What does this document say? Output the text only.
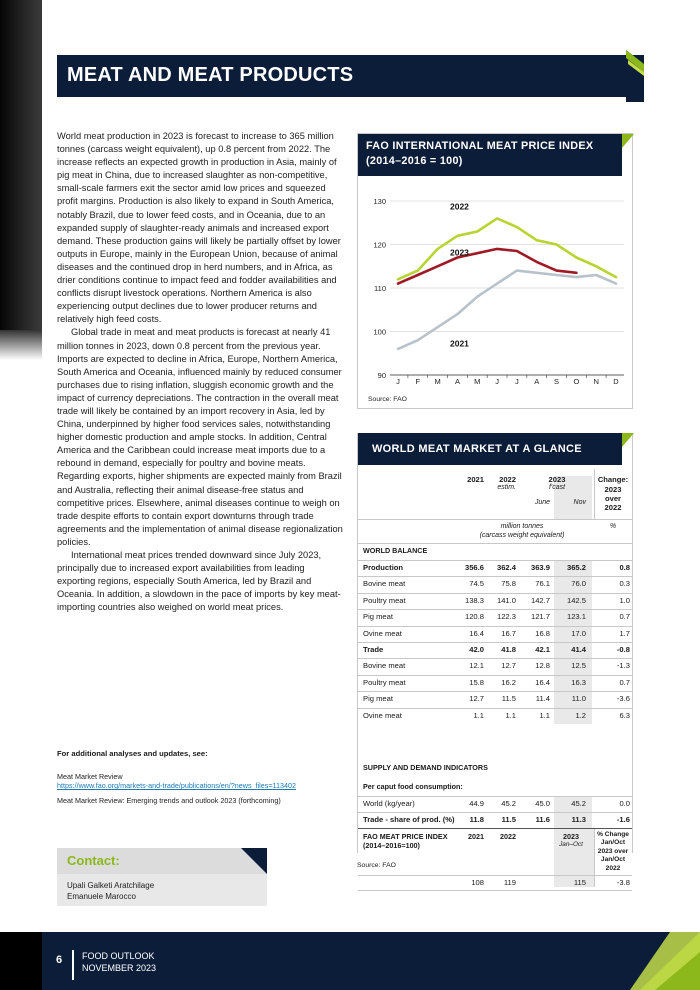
MEAT AND MEAT PRODUCTS

World meat production in 2023 is forecast to increase to 365 million tonnes (carcass weight equivalent), up 0.8 percent from 2022. The increase reflects an expected growth in production in Asia, mainly of pig meat in China, due to increased slaughter as non-competitive, small-scale farmers exit the sector amid low prices and squeezed profit margins. Production is also likely to expand in South America, notably Brazil, due to lower feed costs, and in Oceania, due to an expanded supply of slaughter-ready animals and increased export demand. These production gains will likely be partially offset by lower outputs in Europe, mainly in the European Union, because of animal diseases and the continued drop in herd numbers, and in Africa, as drier conditions continue to impact feed and fodder availabilities and conflicts disrupt livestock operations. Northern America is also experiencing output declines due to lower producer returns and relatively high feed costs.

Global trade in meat and meat products is forecast at nearly 41 million tonnes in 2023, down 0.8 percent from the previous year. Imports are expected to decline in Africa, Europe, Northern America, South America and Oceania, influenced mainly by reduced consumer purchases due to rising inflation, sluggish economic growth and the impact of currency depreciations. The contraction in the overall meat trade will likely be contained by an import recovery in Asia, led by China, underpinned by higher food services sales, notwithstanding higher domestic production and ample stocks. In addition, Central America and the Caribbean could increase meat imports due to a rebound in demand, especially for poultry and bovine meats. Regarding exports, higher shipments are expected mainly from Brazil and Australia, reflecting their animal disease-free status and competitive prices. Elsewhere, animal diseases continue to weigh on trade despite efforts to contain export downturns through trade agreements and the implementation of animal disease regionalization policies.

International meat prices trended downward since July 2023, principally due to increased export availabilities from leading exporting regions, especially South America, led by Brazil and Oceania. In addition, a slowdown in the pace of imports by key meat-importing countries also weighed on world meat prices.

For additional analyses and updates, see:
Meat Market Review
https://www.fao.org/markets-and-trade/publications/en/?news_files=113402
Meat Market Review: Emerging trends and outlook 2023 (forthcoming)
Contact:
Upali Galketi Aratchilage
Emanuele Marocco
FAO INTERNATIONAL MEAT PRICE INDEX
(2014–2016 = 100)
90
100
110
120
130
J F M A M J J A S O N D
2022
2023
2021
Source: FAO
WORLD MEAT MARKET AT A GLANCE
2021	2022	2023	Change:
estim.	f'cast	2023
over
June	Nov
2022
million tonnes	%
(carcass weight equivalent)
WORLD BALANCE
Production	356.6	362.4	363.9	365.2	0.8
Bovine meat	74.5	75.8	76.1	76.0	0.3
Poultry meat	138.3	141.0	142.7	142.5	1.0
Pig meat	120.8	122.3	121.7	123.1	0.7
Ovine meat	16.4	16.7	16.8	17.0	1.7
Trade	42.0	41.8	42.1	41.4	-0.8
Bovine meat	12.1	12.7	12.8	12.5	-1.3
Poultry meat	15.8	16.2	16.4	16.3	0.7
Pig meat	12.7	11.5	11.4	11.0	-3.6
Ovine meat	1.1	1.1	1.1	1.2	6.3
SUPPLY AND DEMAND INDICATORS
Per caput food consumption:
World (kg/year)	44.9	45.2	45.0	45.2	0.0
Trade - share of prod. (%)	11.8	11.5	11.6	11.3	-1.6
FAO MEAT PRICE INDEX	2021	2022	2023
(2014–2016=100)	Jan–Oct
% Change
Jan/Oct
2023 over
Jan/Oct
2022
108	119	115	-3.8
Source: FAO
6 FOOD OUTLOOK
NOVEMBER 2023
